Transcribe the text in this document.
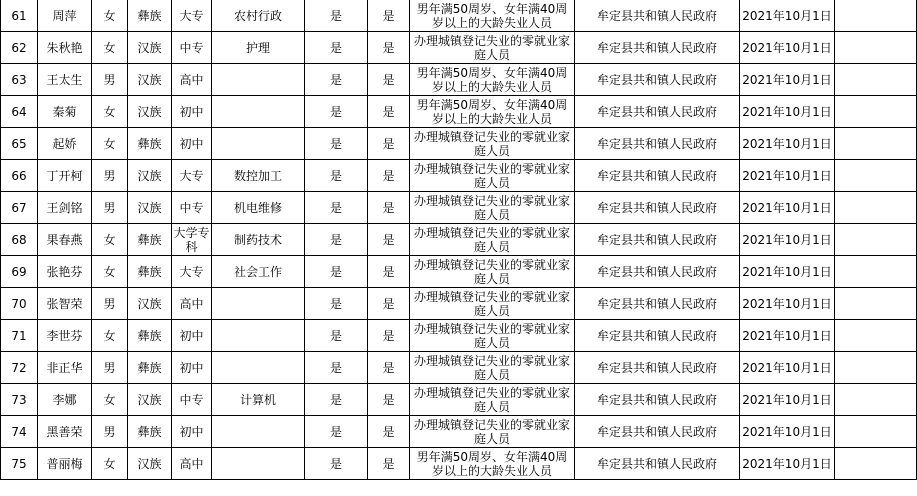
61	周萍	女	彝族	大专	农村行政	是	是	男年满50周岁、女年满40周岁以上的大龄失业人员	牟定县共和镇人民政府	2021年10月1日	
62	朱秋艳	女	汉族	中专	护理	是	是	办理城镇登记失业的零就业家庭人员	牟定县共和镇人民政府	2021年10月1日	
63	王太生	男	汉族	高中		是	是	男年满50周岁、女年满40周岁以上的大龄失业人员	牟定县共和镇人民政府	2021年10月1日	
64	秦菊	女	汉族	初中		是	是	男年满50周岁、女年满40周岁以上的大龄失业人员	牟定县共和镇人民政府	2021年10月1日	
65	起娇	女	彝族	初中		是	是	办理城镇登记失业的零就业家庭人员	牟定县共和镇人民政府	2021年10月1日	
66	丁开柯	男	汉族	大专	数控加工	是	是	办理城镇登记失业的零就业家庭人员	牟定县共和镇人民政府	2021年10月1日	
67	王剑铭	男	汉族	中专	机电维修	是	是	办理城镇登记失业的零就业家庭人员	牟定县共和镇人民政府	2021年10月1日	
68	果春燕	女	彝族	大学专科	制药技术	是	是	办理城镇登记失业的零就业家庭人员	牟定县共和镇人民政府	2021年10月1日	
69	张艳芬	女	彝族	大专	社会工作	是	是	办理城镇登记失业的零就业家庭人员	牟定县共和镇人民政府	2021年10月1日	
70	张智荣	男	汉族	高中		是	是	办理城镇登记失业的零就业家庭人员	牟定县共和镇人民政府	2021年10月1日	
71	李世芬	女	彝族	初中		是	是	办理城镇登记失业的零就业家庭人员	牟定县共和镇人民政府	2021年10月1日	
72	非正华	男	彝族	初中		是	是	办理城镇登记失业的零就业家庭人员	牟定县共和镇人民政府	2021年10月1日	
73	李娜	女	汉族	中专	计算机	是	是	办理城镇登记失业的零就业家庭人员	牟定县共和镇人民政府	2021年10月1日	
74	黑善荣	男	彝族	初中		是	是	办理城镇登记失业的零就业家庭人员	牟定县共和镇人民政府	2021年10月1日	
75	普丽梅	女	汉族	高中		是	是	男年满50周岁、女年满40周岁以上的大龄失业人员	牟定县共和镇人民政府	2021年10月1日	
